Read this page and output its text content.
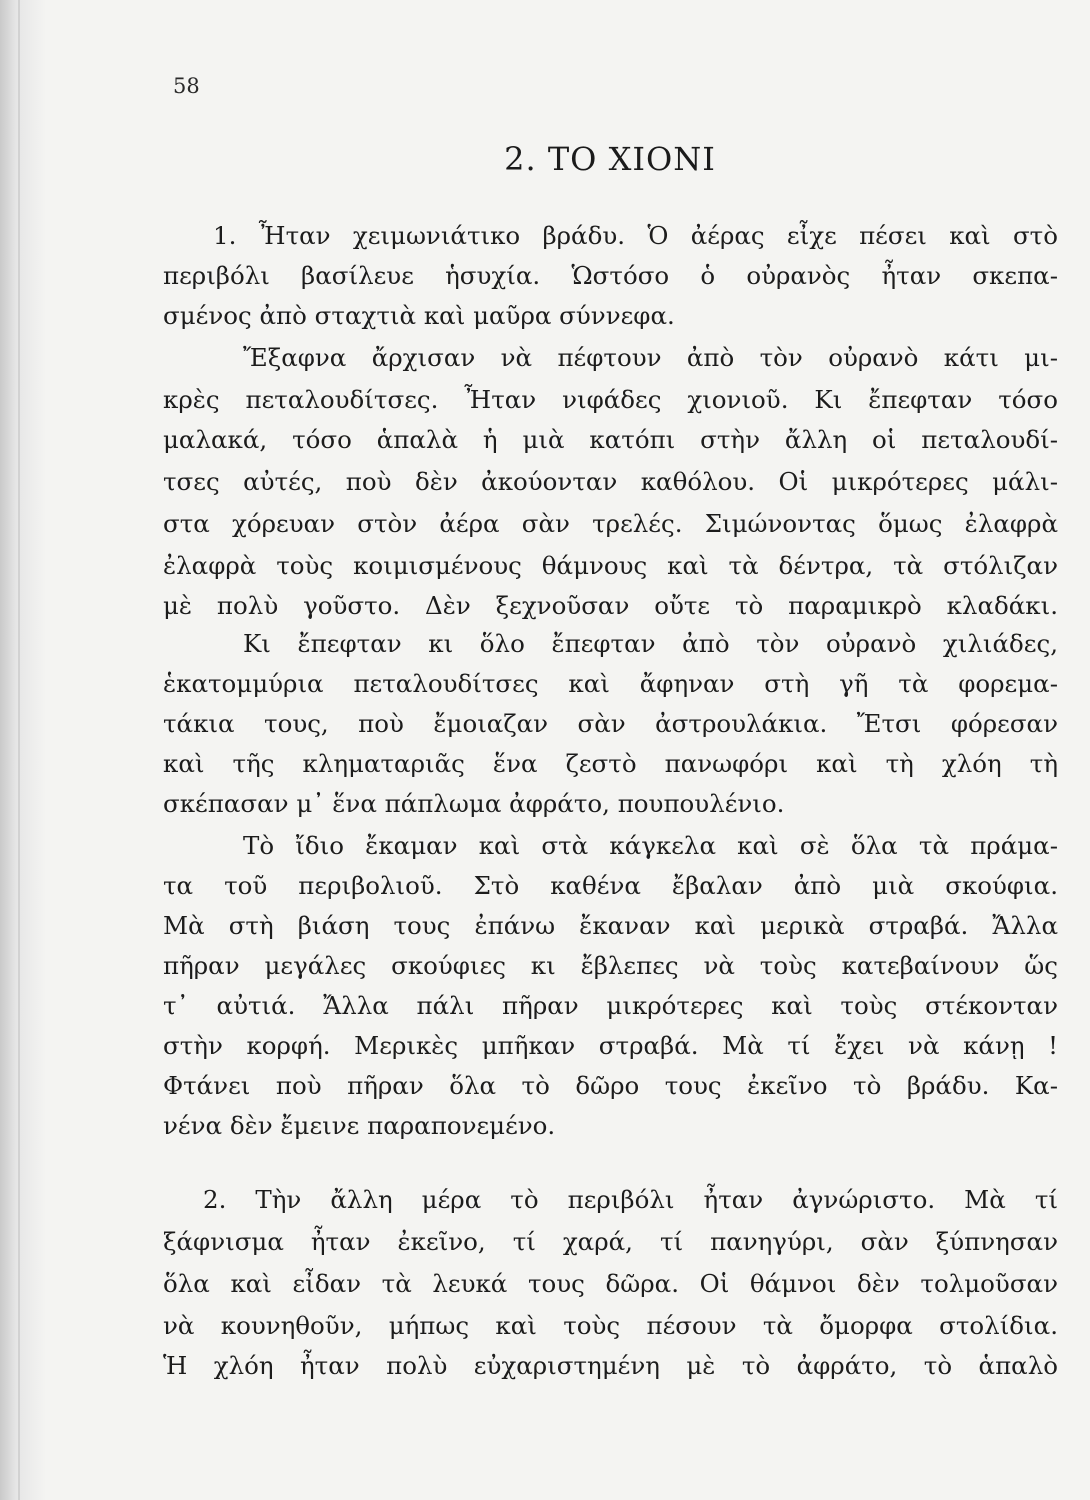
58
2. ΤΟ ΧΙΟΝΙ
1. Ἦταν χειμωνιάτικο βράδυ. Ὁ ἀέρας εἶχε πέσει καὶ στὸ
περιβόλι βασίλευε ἡσυχία. Ὡστόσο ὁ οὐρανὸς ἦταν σκεπα-
σμένος ἀπὸ σταχτιὰ καὶ μαῦρα σύννεφα.
Ἔξαφνα ἄρχισαν νὰ πέφτουν ἀπὸ τὸν οὐρανὸ κάτι μι-
κρὲς πεταλουδίτσες. Ἦταν νιφάδες χιονιοῦ. Κι ἔπεφταν τόσο
μαλακά, τόσο ἁπαλὰ ἡ μιὰ κατόπι στὴν ἄλλη οἱ πεταλουδί-
τσες αὐτές, ποὺ δὲν ἀκούονταν καθόλου. Οἱ μικρότερες μάλι-
στα χόρευαν στὸν ἀέρα σὰν τρελές. Σιμώνοντας ὅμως ἐλαφρὰ
ἐλαφρὰ τοὺς κοιμισμένους θάμνους καὶ τὰ δέντρα, τὰ στόλιζαν
μὲ πολὺ γοῦστο. Δὲν ξεχνοῦσαν οὔτε τὸ παραμικρὸ κλαδάκι.
Κι ἔπεφταν κι ὅλο ἔπεφταν ἀπὸ τὸν οὐρανὸ χιλιάδες,
ἑκατομμύρια πεταλουδίτσες καὶ ἄφηναν στὴ γῆ τὰ φορεμα-
τάκια τους, ποὺ ἔμοιαζαν σὰν ἀστρουλάκια. Ἔτσι φόρεσαν
καὶ τῆς κληματαριᾶς ἕνα ζεστὸ πανωφόρι καὶ τὴ χλόη τὴ
σκέπασαν μ᾿ ἕνα πάπλωμα ἀφράτο, πουπουλένιο.
Τὸ ἴδιο ἔκαμαν καὶ στὰ κάγκελα καὶ σὲ ὅλα τὰ πράμα-
τα τοῦ περιβολιοῦ. Στὸ καθένα ἔβαλαν ἀπὸ μιὰ σκούφια.
Μὰ στὴ βιάση τους ἐπάνω ἔκαναν καὶ μερικὰ στραβά. Ἄλλα
πῆραν μεγάλες σκούφιες κι ἔβλεπες νὰ τοὺς κατεβαίνουν ὥς
τ᾿ αὐτιά. Ἄλλα πάλι πῆραν μικρότερες καὶ τοὺς στέκονταν
στὴν κορφή. Μερικὲς μπῆκαν στραβά. Μὰ τί ἔχει νὰ κάνῃ !
Φτάνει ποὺ πῆραν ὅλα τὸ δῶρο τους ἐκεῖνο τὸ βράδυ. Κα-
νένα δὲν ἔμεινε παραπονεμένο.
2. Τὴν ἄλλη μέρα τὸ περιβόλι ἦταν ἀγνώριστο. Μὰ τί
ξάφνισμα ἦταν ἐκεῖνο, τί χαρά, τί πανηγύρι, σὰν ξύπνησαν
ὅλα καὶ εἶδαν τὰ λευκά τους δῶρα. Οἱ θάμνοι δὲν τολμοῦσαν
νὰ κουνηθοῦν, μήπως καὶ τοὺς πέσουν τὰ ὄμορφα στολίδια.
Ἡ χλόη ἦταν πολὺ εὐχαριστημένη μὲ τὸ ἀφράτο, τὸ ἁπαλὸ
